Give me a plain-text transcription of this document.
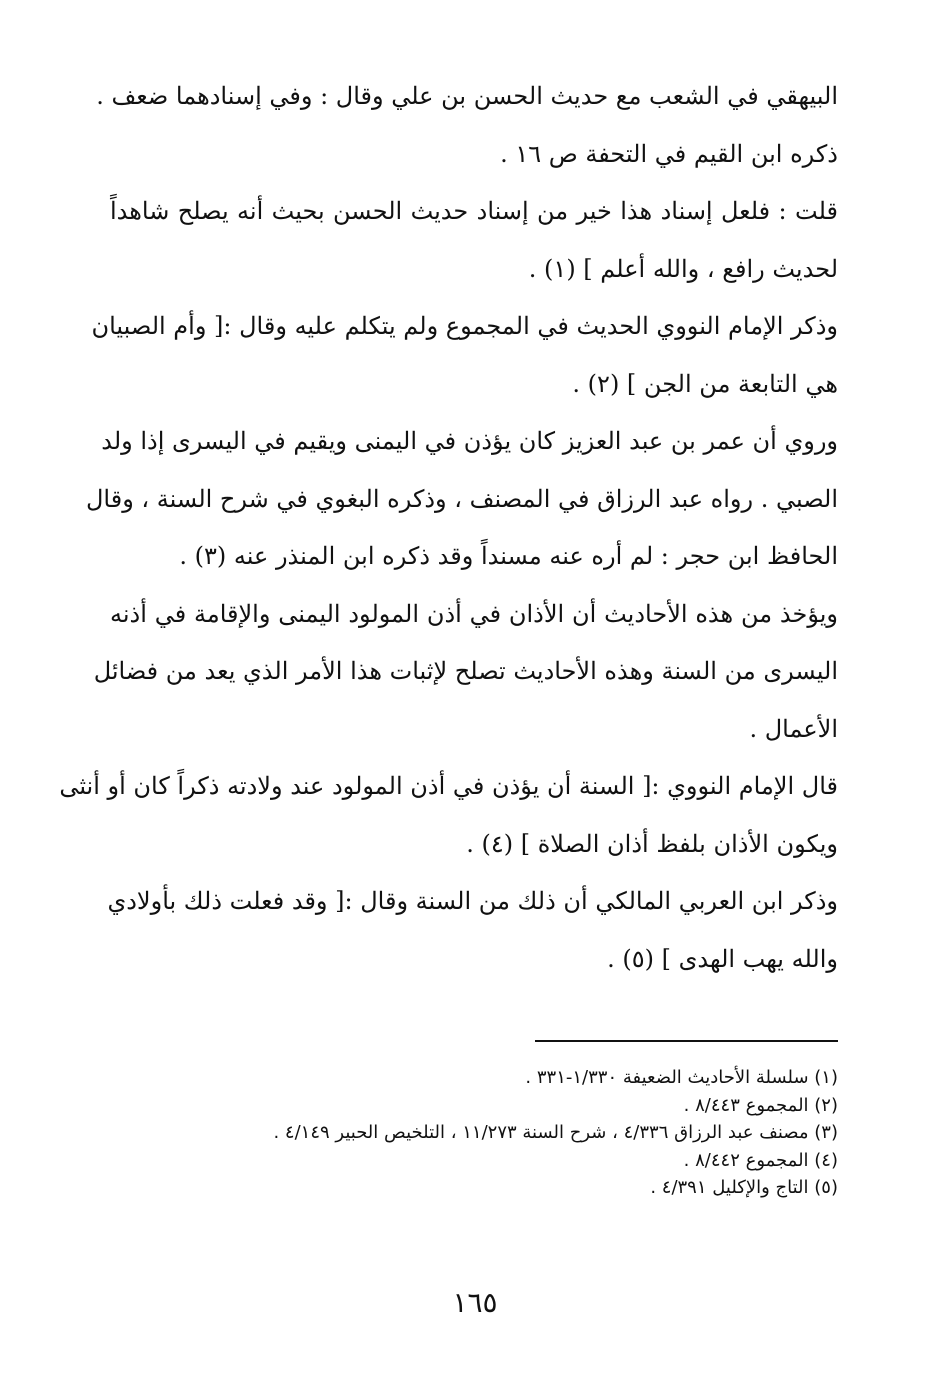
البيهقي في الشعب مع حديث الحسن بن علي وقال : وفي إسنادهما ضعف .
ذكره ابن القيم في التحفة ص ١٦ .
قلت : فلعل إسناد هذا خير من إسناد حديث الحسن بحيث أنه يصلح شاهداً
لحديث رافع ، والله أعلم ] (١) .
وذكر الإمام النووي الحديث في المجموع ولم يتكلم عليه وقال :[ وأم الصبيان
هي التابعة من الجن ] (٢) .
وروي أن عمر بن عبد العزيز كان يؤذن في اليمنى ويقيم في اليسرى إذا ولد
الصبي . رواه عبد الرزاق في المصنف ، وذكره البغوي في شرح السنة ، وقال
الحافظ ابن حجر : لم أره عنه مسنداً وقد ذكره ابن المنذر عنه (٣) .
ويؤخذ من هذه الأحاديث أن الأذان في أذن المولود اليمنى والإقامة في أذنه
اليسرى من السنة وهذه الأحاديث تصلح لإثبات هذا الأمر الذي يعد من فضائل
الأعمال .
قال الإمام النووي :[ السنة أن يؤذن في أذن المولود عند ولادته ذكراً كان أو أنثى
ويكون الأذان بلفظ أذان الصلاة ] (٤) .
وذكر ابن العربي المالكي أن ذلك من السنة وقال :[ وقد فعلت ذلك بأولادي
والله يهب الهدى ] (٥) .
(١) سلسلة الأحاديث الضعيفة ١/٣٣٠-٣٣١ .
(٢) المجموع ٨/٤٤٣ .
(٣) مصنف عبد الرزاق ٤/٣٣٦ ، شرح السنة ١١/٢٧٣ ، التلخيص الحبير ٤/١٤٩ .
(٤) المجموع ٨/٤٤٢ .
(٥) التاج والإكليل ٤/٣٩١ .
١٦٥
